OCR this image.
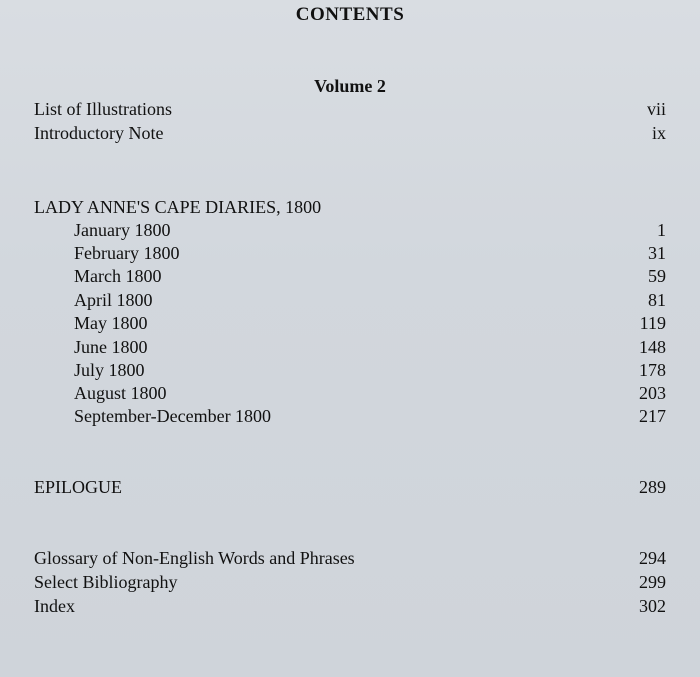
CONTENTS
Volume 2
List of Illustrations	vii
Introductory Note	ix
LADY ANNE'S CAPE DIARIES, 1800
January 1800	1
February 1800	31
March 1800	59
April 1800	81
May 1800	119
June 1800	148
July 1800	178
August 1800	203
September-December 1800	217
EPILOGUE	289
Glossary of Non-English Words and Phrases	294
Select Bibliography	299
Index	302
